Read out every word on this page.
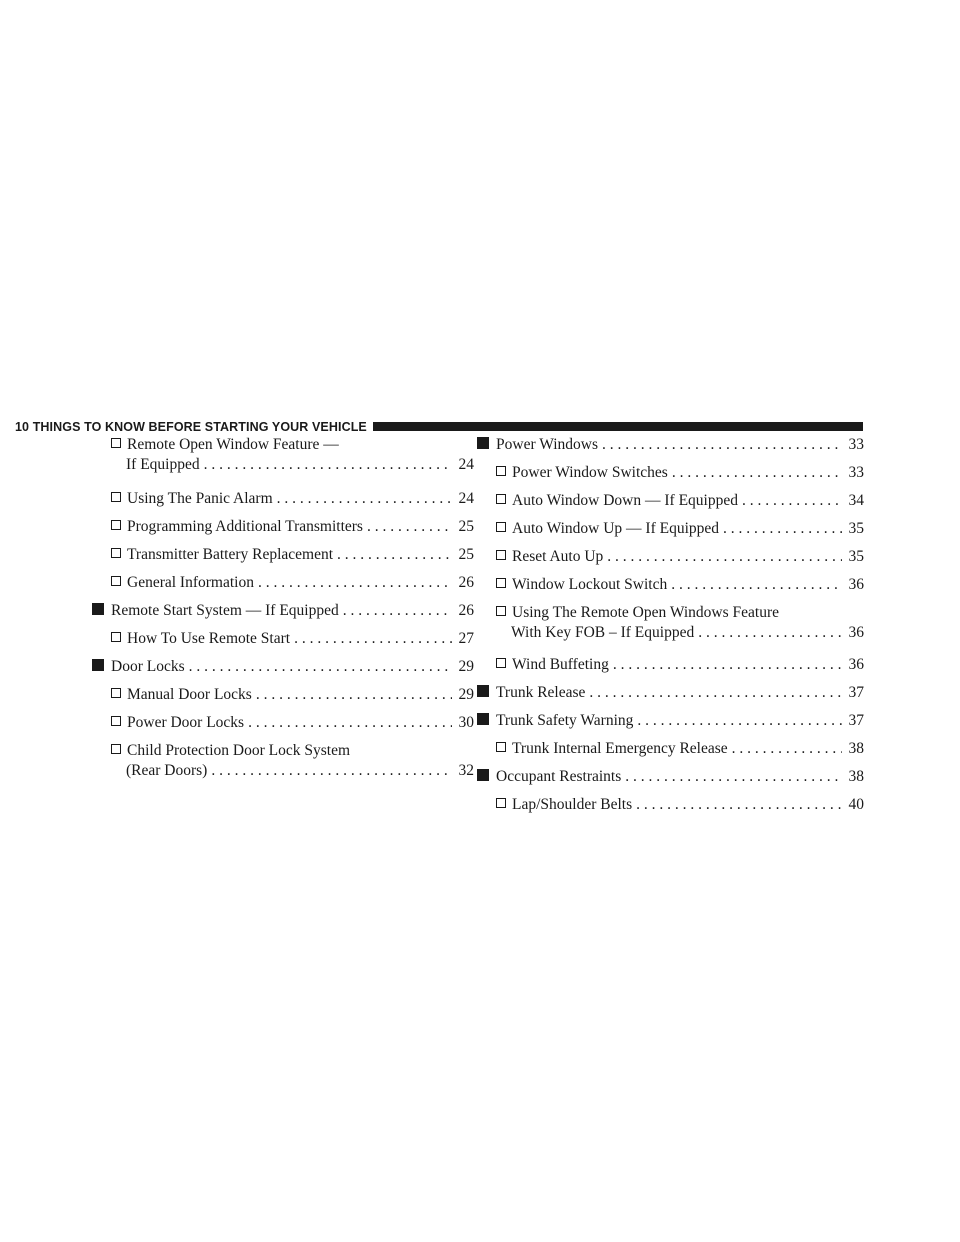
10 THINGS TO KNOW BEFORE STARTING YOUR VEHICLE
Remote Open Window Feature —
If Equipped . . .	24
Using The Panic Alarm . . .	24
Programming Additional Transmitters . . .	25
Transmitter Battery Replacement . . .	25
General Information . . .	26
Remote Start System — If Equipped . . .	26
How To Use Remote Start . . .	27
Door Locks . . .	29
Manual Door Locks . . .	29
Power Door Locks . . .	30
Child Protection Door Lock System
(Rear Doors) . . .	32
Power Windows . . .	33
Power Window Switches . . .	33
Auto Window Down — If Equipped . . .	34
Auto Window Up — If Equipped . . .	35
Reset Auto Up . . .	35
Window Lockout Switch . . .	36
Using The Remote Open Windows Feature
With Key FOB – If Equipped . . .	36
Wind Buffeting . . .	36
Trunk Release . . .	37
Trunk Safety Warning . . .	37
Trunk Internal Emergency Release . . .	38
Occupant Restraints . . .	38
Lap/Shoulder Belts . . .	40
